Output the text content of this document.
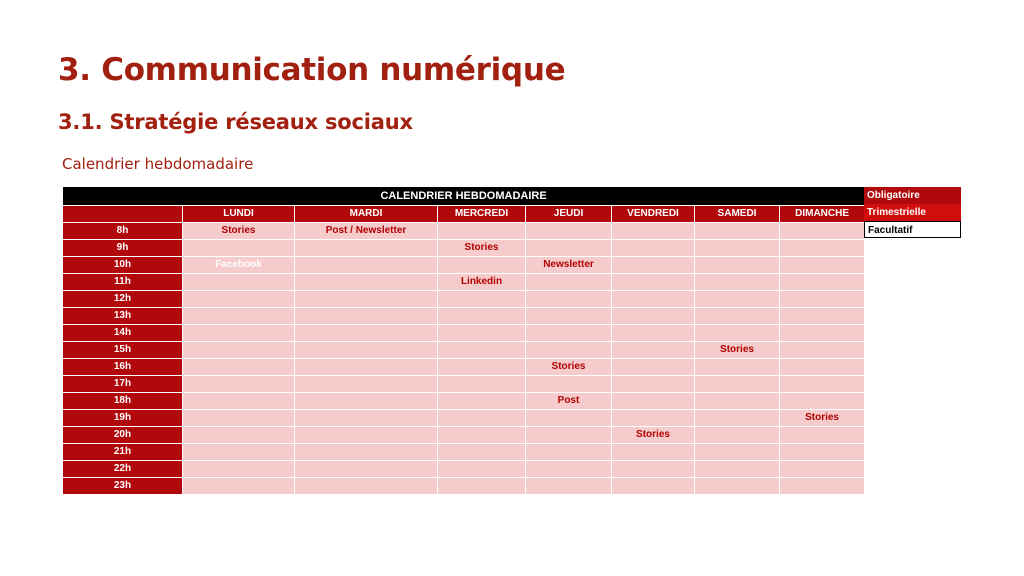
3. Communication numérique
3.1. Stratégie réseaux sociaux
Calendrier hebdomadaire
CALENDRIER HEBDOMADAIRE							
	LUNDI	MARDI	MERCREDI	JEUDI	VENDREDI	SAMEDI	DIMANCHE
8h	Stories	Post / Newsletter					
9h			Stories				
10h	Facebook			Newsletter			
11h			Linkedin				
12h							
13h							
14h							
15h						Stories	
16h				Stories			
17h							
18h				Post			
19h							Stories
20h					Stories		
21h							
22h							
23h							
Obligatoire
Trimestrielle
Facultatif
